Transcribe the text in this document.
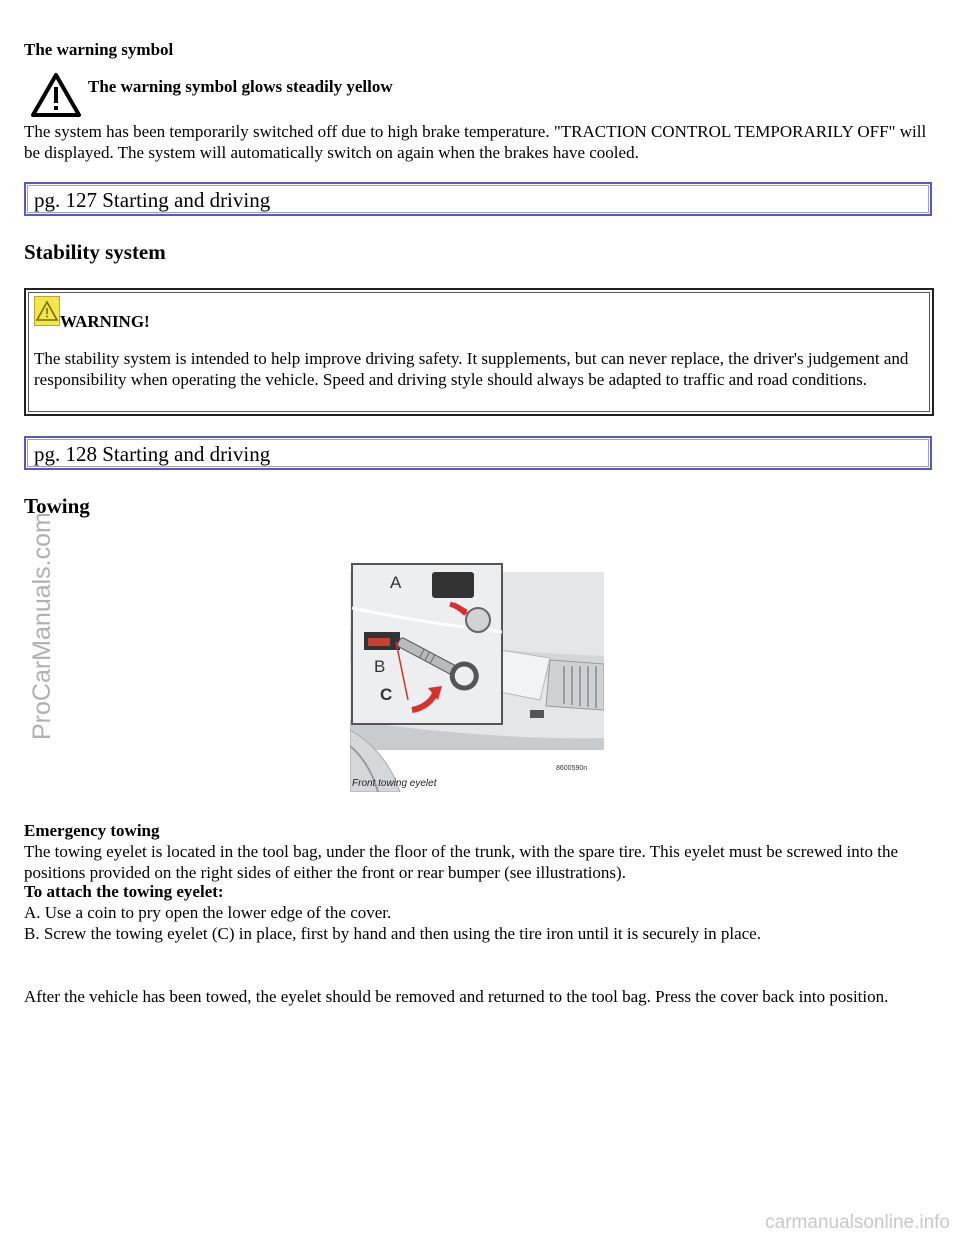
The warning symbol
The warning symbol glows steadily yellow

The system has been temporarily switched off due to high brake temperature. "TRACTION CONTROL TEMPORARILY OFF" will be displayed. The system will automatically switch on again when the brakes have cooled.

pg. 127 Starting and driving
Stability system
WARNING!

The stability system is intended to help improve driving safety. It supplements, but can never replace, the driver's judgement and responsibility when operating the vehicle. Speed and driving style should always be adapted to traffic and road conditions.

pg. 128 Starting and driving
Towing
A
B
C
Front towing eyelet
8600590n

Emergency towing

The towing eyelet is located in the tool bag, under the floor of the trunk, with the spare tire. This eyelet must be screwed into the positions provided on the right sides of either the front or rear bumper (see illustrations).

To attach the towing eyelet:

A. Use a coin to pry open the lower edge of the cover.

B. Screw the towing eyelet (C) in place, first by hand and then using the tire iron until it is securely in place.

After the vehicle has been towed, the eyelet should be removed and returned to the tool bag. Press the cover back into position.

ProCarManuals.com
carmanualsonline.info
